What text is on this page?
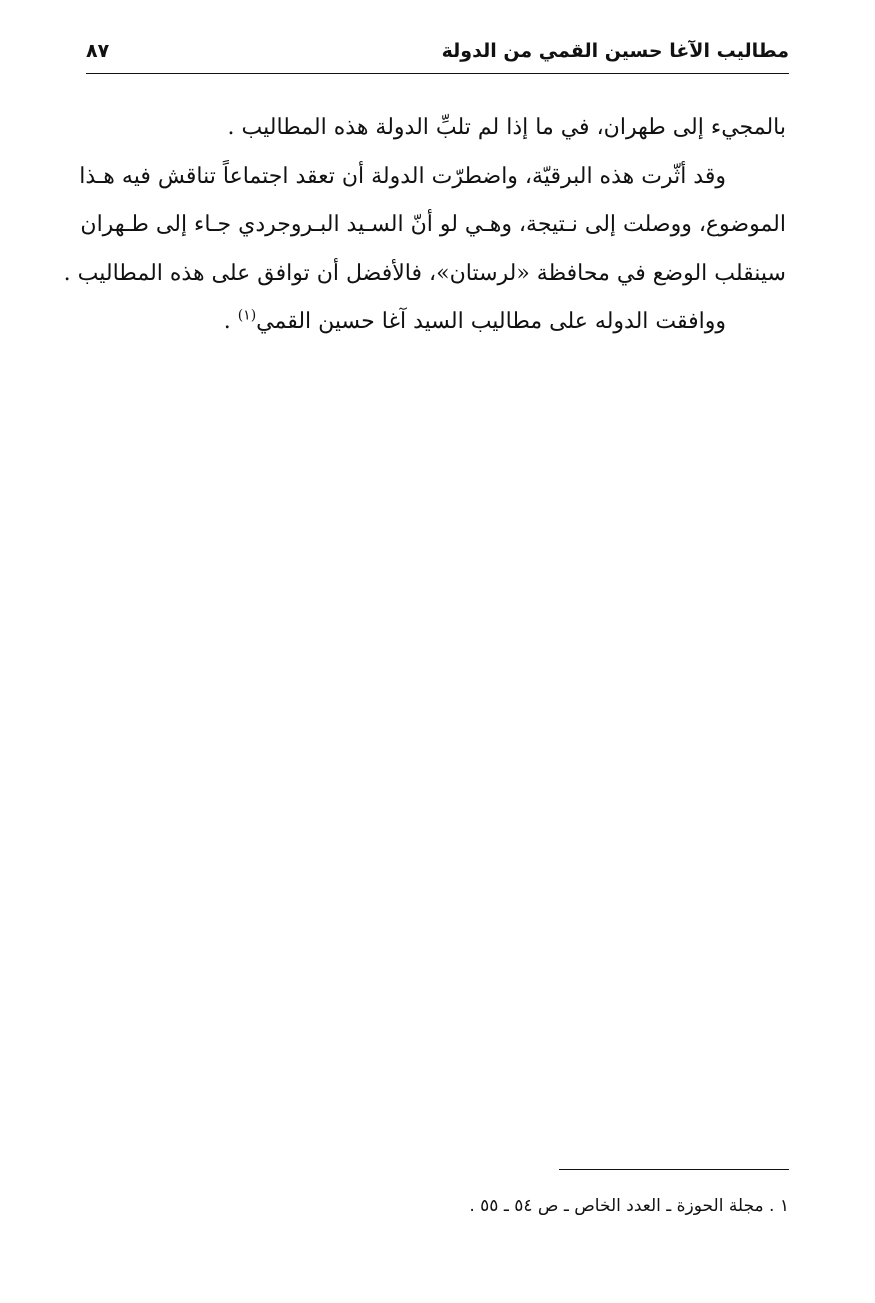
مطاليب الآغا حسين القمي من الدولة
٨٧
بالمجيء إلى طهران، في ما إذا لم تلبِّ الدولة هذه المطاليب .
وقد أثّرت هذه البرقيّة، واضطرّت الدولة أن تعقد اجتماعاً تناقش فيه هـذا
الموضوع، ووصلت إلى نـتيجة، وهـي لو أنّ السـيد البـروجردي جـاء إلى طـهران
سينقلب الوضع في محافظة «لرستان»، فالأفضل أن توافق على هذه المطاليب .
ووافقت الدوله على مطاليب السيد آغا حسين القمي$^{(١)}$ .
١ . مجلة الحوزة ـ العدد الخاص ـ ص ٥٤ ـ ٥٥ .
